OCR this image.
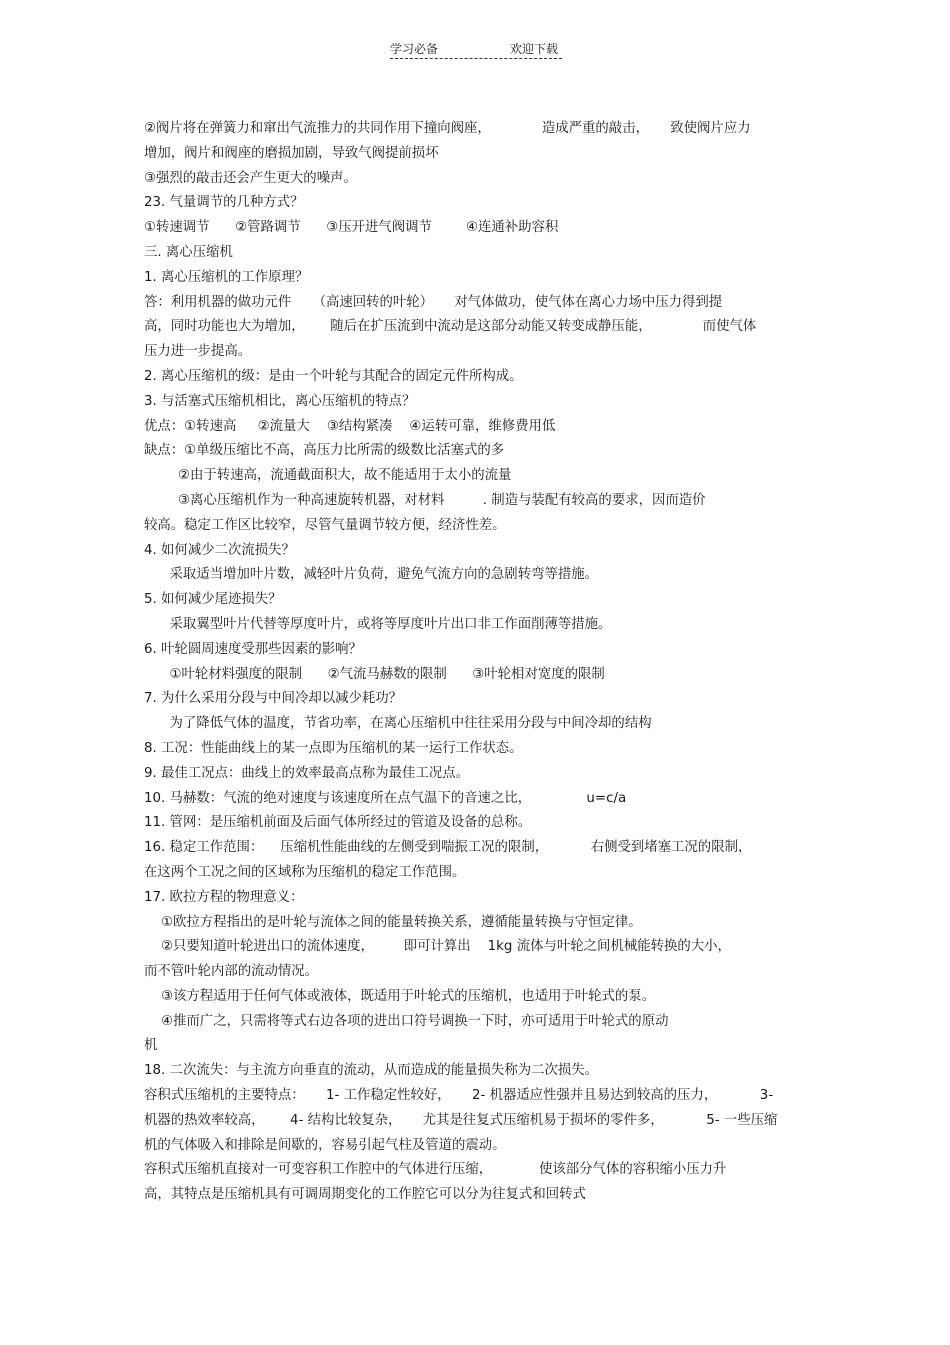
学习必备	欢迎下载
②阀片将在弹簧力和窜出气流推力的共同作用下撞向阀座，            造成严重的敲击，     致使阀片应力
增加，阀片和阀座的磨损加剧，导致气阀提前损坏
③强烈的敲击还会产生更大的噪声。
23. 气量调节的几种方式？
①转速调节      ②管路调节      ③压开进气阀调节        ④连通补助容积
三. 离心压缩机
1. 离心压缩机的工作原理？
答：利用机器的做功元件     （高速回转的叶轮）     对气体做功，使气体在离心力场中压力得到提
高，同时功能也大为增加，      随后在扩压流到中流动是这部分动能又转变成静压能，            而使气体
压力进一步提高。
2. 离心压缩机的级：是由一个叶轮与其配合的固定元件所构成。
3. 与活塞式压缩机相比，离心压缩机的特点？
优点：①转速高     ②流量大    ③结构紧凑    ④运转可靠，维修费用低
缺点：①单级压缩比不高，高压力比所需的级数比活塞式的多
②由于转速高，流通截面积大，故不能适用于太小的流量
③离心压缩机作为一种高速旋转机器，对材料         . 制造与装配有较高的要求，因而造价
较高。稳定工作区比较窄，尽管气量调节较方便，经济性差。
4. 如何减少二次流损失？
采取适当增加叶片数，减轻叶片负荷，避免气流方向的急剧转弯等措施。
5. 如何减少尾迹损失？
采取翼型叶片代替等厚度叶片，或将等厚度叶片出口非工作面削薄等措施。
6. 叶轮圆周速度受那些因素的影响？
①叶轮材料强度的限制      ②气流马赫数的限制      ③叶轮相对宽度的限制
7. 为什么采用分段与中间冷却以减少耗功？
为了降低气体的温度，节省功率，在离心压缩机中往往采用分段与中间冷却的结构
8. 工况：性能曲线上的某一点即为压缩机的某一运行工作状态。
9. 最佳工况点：曲线上的效率最高点称为最佳工况点。
10. 马赫数：气流的绝对速度与该速度所在点气温下的音速之比，             u=c/a
11. 管网：是压缩机前面及后面气体所经过的管道及设备的总称。
16. 稳定工作范围：    压缩机性能曲线的左侧受到喘振工况的限制，          右侧受到堵塞工况的限制，
在这两个工况之间的区域称为压缩机的稳定工作范围。
17. 欧拉方程的物理意义：
①欧拉方程指出的是叶轮与流体之间的能量转换关系，遵循能量转换与守恒定律。
②只要知道叶轮进出口的流体速度，       即可计算出    1kg 流体与叶轮之间机械能转换的大小，
而不管叶轮内部的流动情况。
③该方程适用于任何气体或液体，既适用于叶轮式的压缩机，也适用于叶轮式的泵。
④推而广之，只需将等式右边各项的进出口符号调换一下时，亦可适用于叶轮式的原动
机
18. 二次流失：与主流方向垂直的流动，从而造成的能量损失称为二次损失。
容积式压缩机的主要特点：     1- 工作稳定性较好，     2- 机器适应性强并且易达到较高的压力，          3-
机器的热效率较高，      4- 结构比较复杂，     尤其是往复式压缩机易于损坏的零件多，          5- 一些压缩
机的气体吸入和排除是间歇的，容易引起气柱及管道的震动。
容积式压缩机直接对一可变容积工作腔中的气体进行压缩，           使该部分气体的容积缩小压力升
高，其特点是压缩机具有可调周期变化的工作腔它可以分为往复式和回转式
